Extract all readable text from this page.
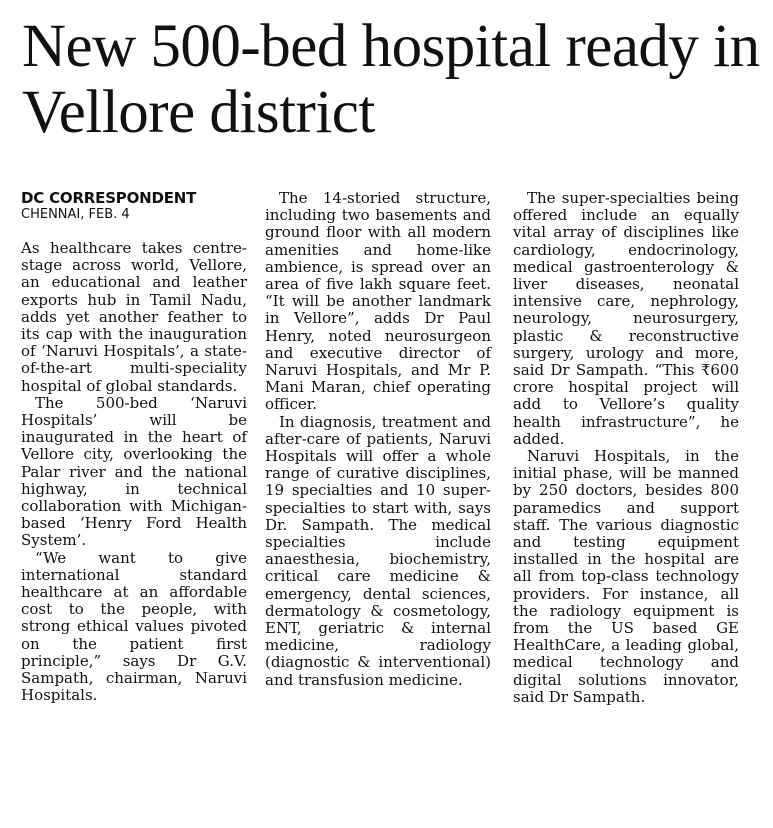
New 500-bed hospital ready in Vellore district

DC CORRESPONDENT

CHENNAI, FEB. 4

As healthcare takes centre-stage across world, Vellore, an educational and leather exports hub in Tamil Nadu, adds yet another feather to its cap with the inauguration of ‘Naruvi Hospitals’, a state-of-the-art multi-speciality hospital of global standards.

The 500-bed ‘Naruvi Hospitals’ will be inaugurated in the heart of Vellore city, overlooking the Palar river and the national highway, in technical collaboration with Michigan-based ‘Henry Ford Health System’.

“We want to give international standard healthcare at an affordable cost to the people, with strong ethical values pivoted on the patient first principle,” says Dr G.V. Sampath, chairman, Naruvi Hospitals.

The 14-storied structure, including two basements and ground floor with all modern amenities and home-like ambience, is spread over an area of five lakh square feet. “It will be another landmark in Vellore”, adds Dr Paul Henry, noted neurosurgeon and executive director of Naruvi Hospitals, and Mr P. Mani Maran, chief operating officer.

In diagnosis, treatment and after-care of patients, Naruvi Hospitals will offer a whole range of curative disciplines, 19 specialties and 10 super-specialties to start with, says Dr. Sampath. The medical specialties include anaesthesia, biochemistry, critical care medicine & emergency, dental sciences, dermatology & cosmetology, ENT, geriatric & internal medicine, radiology (diagnostic & interventional) and transfusion medicine.

The super-specialties being offered include an equally vital array of disciplines like cardiology, endocrinology, medical gastroenterology & liver diseases, neonatal intensive care, nephrology, neurology, neurosurgery, plastic & reconstructive surgery, urology and more, said Dr Sampath. “This ₹600 crore hospital project will add to Vellore’s quality health infrastructure”, he added.

Naruvi Hospitals, in the initial phase, will be manned by 250 doctors, besides 800 paramedics and support staff. The various diagnostic and testing equipment installed in the hospital are all from top-class technology providers. For instance, all the radiology equipment is from the US based GE HealthCare, a leading global, medical technology and digital solutions innovator, said Dr Sampath.
